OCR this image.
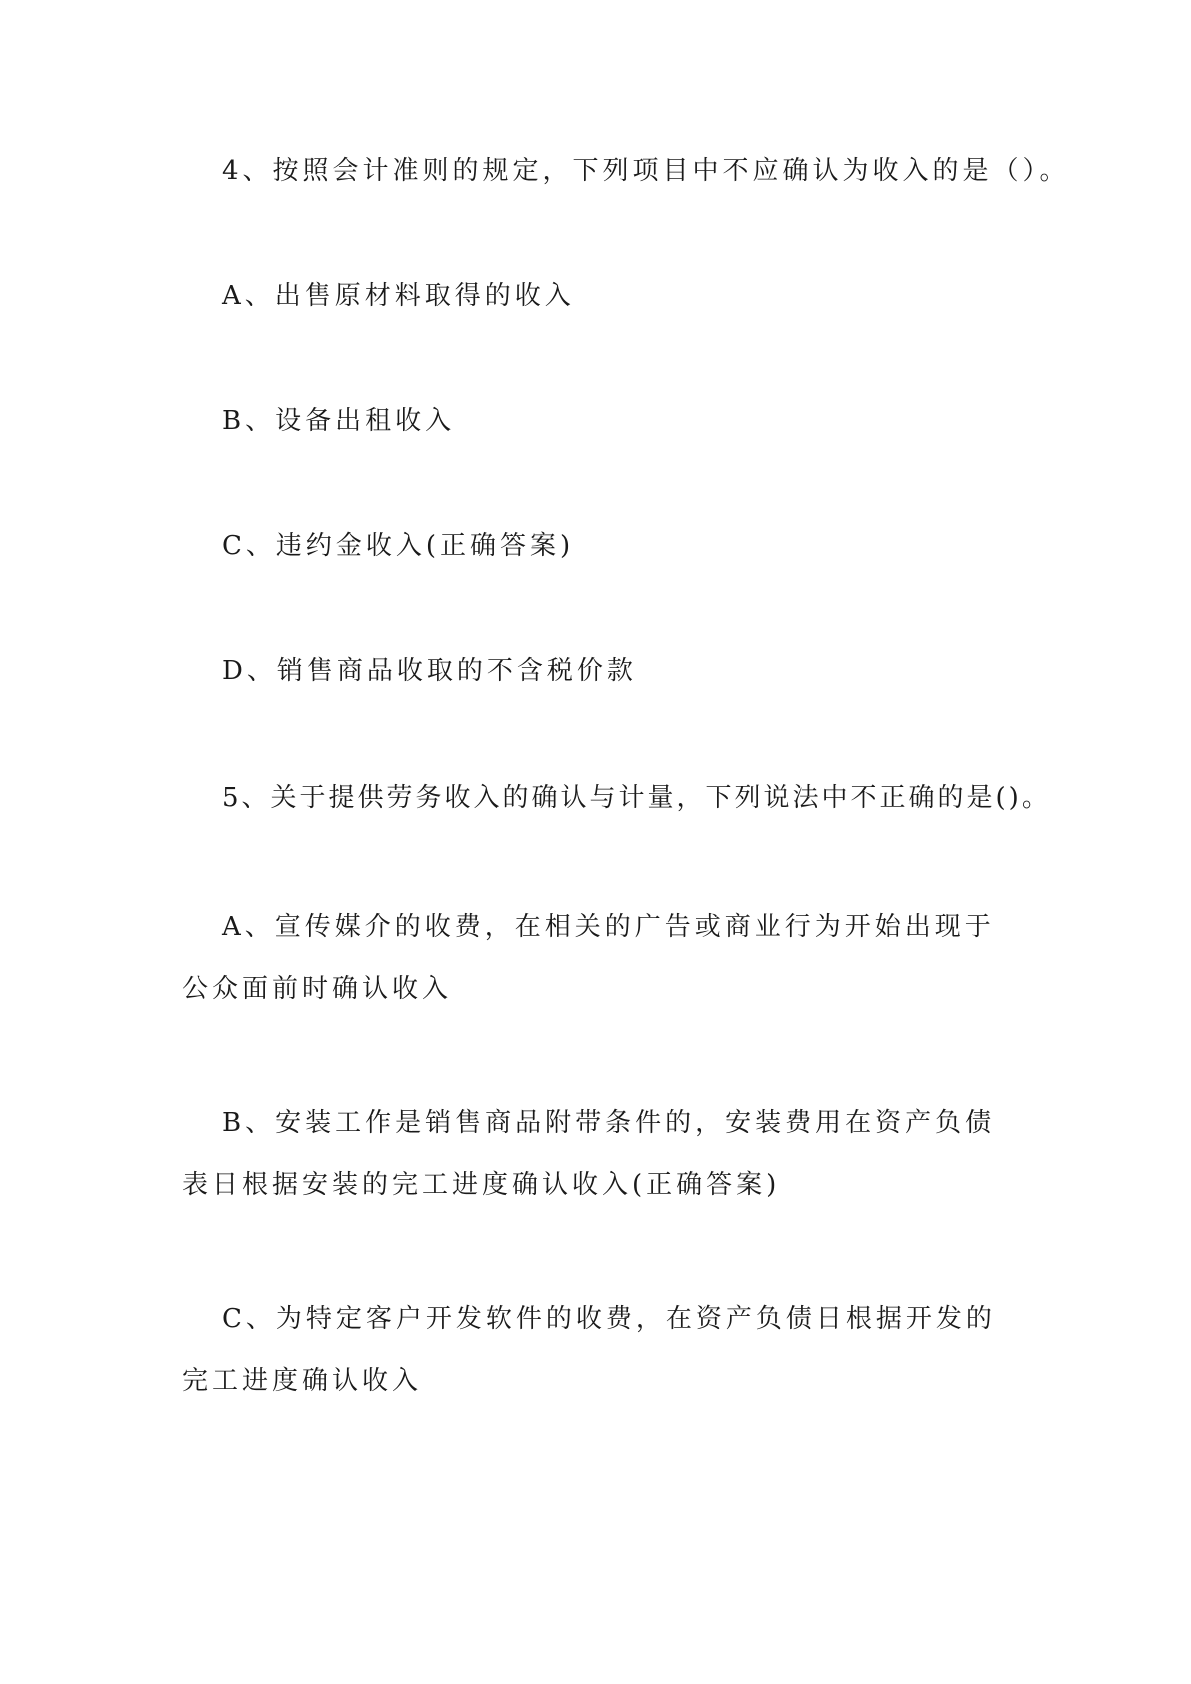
4、按照会计准则的规定，下列项目中不应确认为收入的是（）。
A、出售原材料取得的收入
B、设备出租收入
C、违约金收入(正确答案)
D、销售商品收取的不含税价款
5、关于提供劳务收入的确认与计量，下列说法中不正确的是()。
A、宣传媒介的收费，在相关的广告或商业行为开始出现于公众面前时确认收入
B、安装工作是销售商品附带条件的，安装费用在资产负债表日根据安装的完工进度确认收入(正确答案)
C、为特定客户开发软件的收费，在资产负债日根据开发的完工进度确认收入
